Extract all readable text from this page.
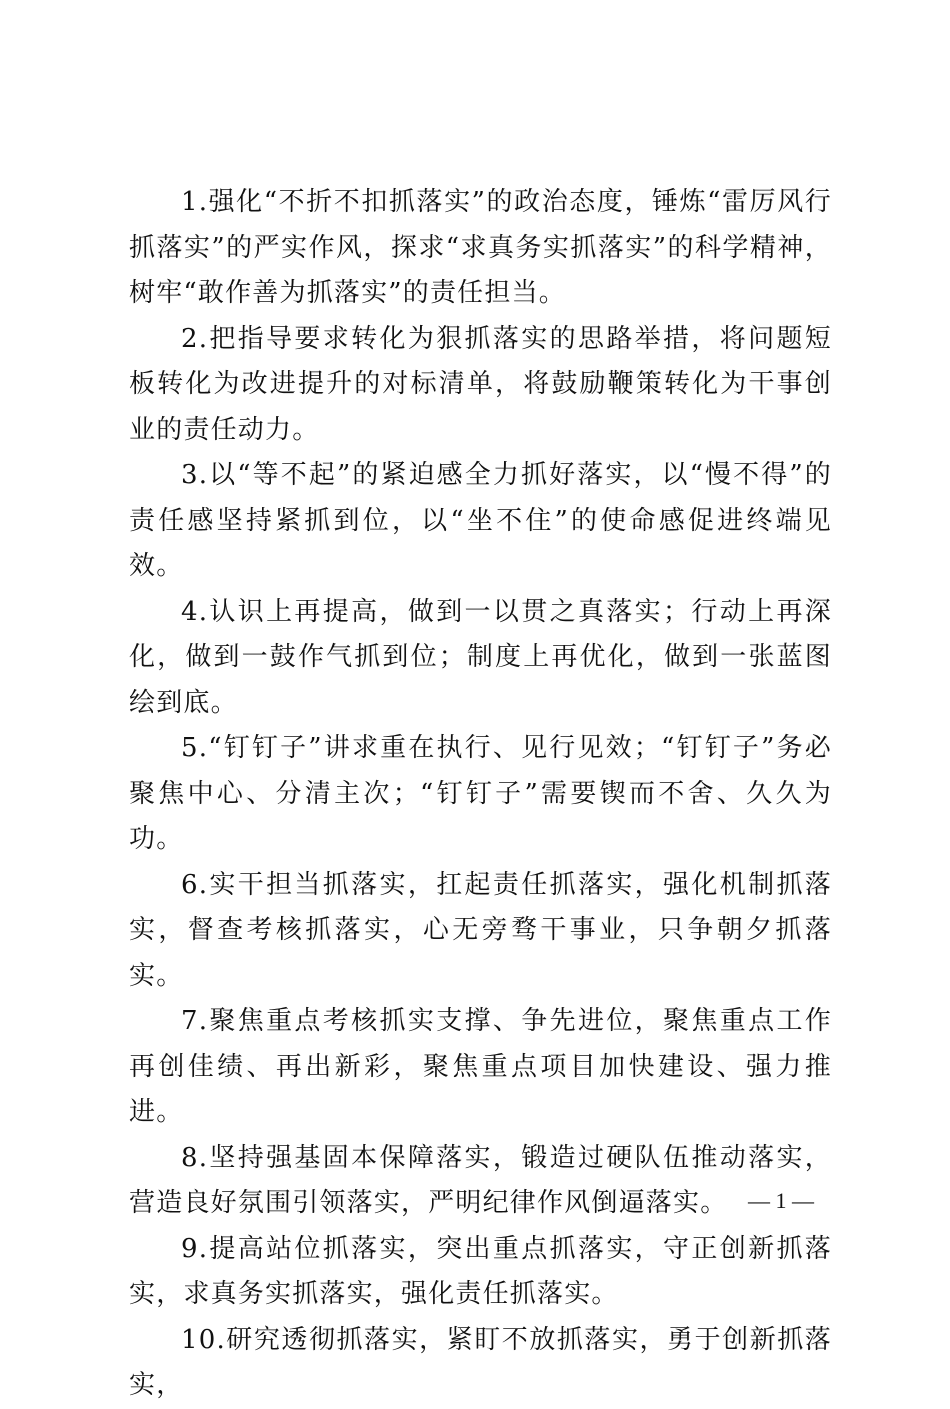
1.强化“不折不扣抓落实”的政治态度，锤炼“雷厉风行抓落实”的严实作风，探求“求真务实抓落实”的科学精神，树牢“敢作善为抓落实”的责任担当。

2.把指导要求转化为狠抓落实的思路举措，将问题短板转化为改进提升的对标清单，将鼓励鞭策转化为干事创业的责任动力。

3.以“等不起”的紧迫感全力抓好落实，以“慢不得”的责任感坚持紧抓到位，以“坐不住”的使命感促进终端见效。

4.认识上再提高，做到一以贯之真落实；行动上再深化，做到一鼓作气抓到位；制度上再优化，做到一张蓝图绘到底。

5.“钉钉子”讲求重在执行、见行见效；“钉钉子”务必聚焦中心、分清主次；“钉钉子”需要锲而不舍、久久为功。

6.实干担当抓落实，扛起责任抓落实，强化机制抓落实，督查考核抓落实，心无旁骛干事业，只争朝夕抓落实。

7.聚焦重点考核抓实支撑、争先进位，聚焦重点工作再创佳绩、再出新彩，聚焦重点项目加快建设、强力推进。

8.坚持强基固本保障落实，锻造过硬队伍推动落实，营造良好氛围引领落实，严明纪律作风倒逼落实。

9.提高站位抓落实，突出重点抓落实，守正创新抓落实，求真务实抓落实，强化责任抓落实。

10.研究透彻抓落实，紧盯不放抓落实，勇于创新抓落实，

— 1 —
